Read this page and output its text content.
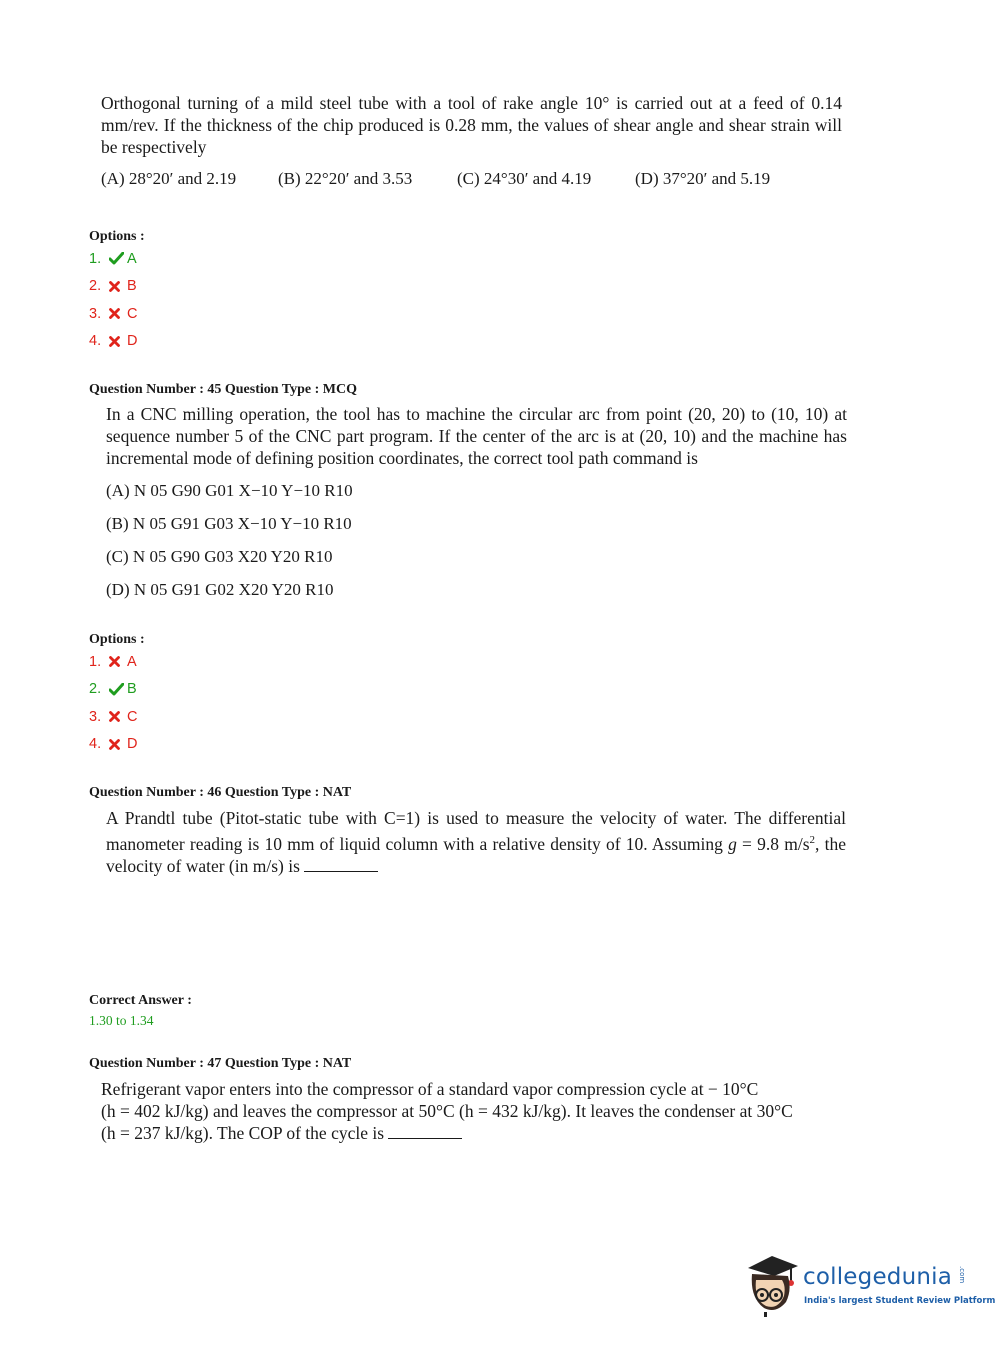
Orthogonal turning of a mild steel tube with a tool of rake angle 10° is carried out at a feed of 0.14 mm/rev. If the thickness of the chip produced is 0.28 mm, the values of shear angle and shear strain will be respectively
(A) 28°20′ and 2.19	(B) 22°20′ and 3.53	(C) 24°30′ and 4.19	(D) 37°20′ and 5.19
Options :
1.	A
2.	B
3.	C
4.	D
Question Number : 45 Question Type : MCQ
In a CNC milling operation, the tool has to machine the circular arc from point (20, 20) to (10, 10) at sequence number 5 of the CNC part program. If the center of the arc is at (20, 10) and the machine has incremental mode of defining position coordinates, the correct tool path command is
(A) N 05 G90 G01 X−10 Y−10 R10
(B) N 05 G91 G03 X−10 Y−10 R10
(C) N 05 G90 G03 X20 Y20 R10
(D) N 05 G91 G02 X20 Y20 R10
Options :
1.	A
2.	B
3.	C
4.	D
Question Number : 46 Question Type : NAT
A Prandtl tube (Pitot-static tube with C=1) is used to measure the velocity of water. The differential manometer reading is 10 mm of liquid column with a relative density of 10. Assuming g = 9.8 $m/s^2$, the velocity of water (in m/s) is
Correct Answer :
1.30 to 1.34
Question Number : 47 Question Type : NAT
Refrigerant vapor enters into the compressor of a standard vapor compression cycle at − 10°C
(h = 402 kJ/kg) and leaves the compressor at 50°C (h = 432 kJ/kg). It leaves the condenser at 30°C
(h = 237 kJ/kg). The COP of the cycle is
collegedunia .com
India's largest Student Review Platform
